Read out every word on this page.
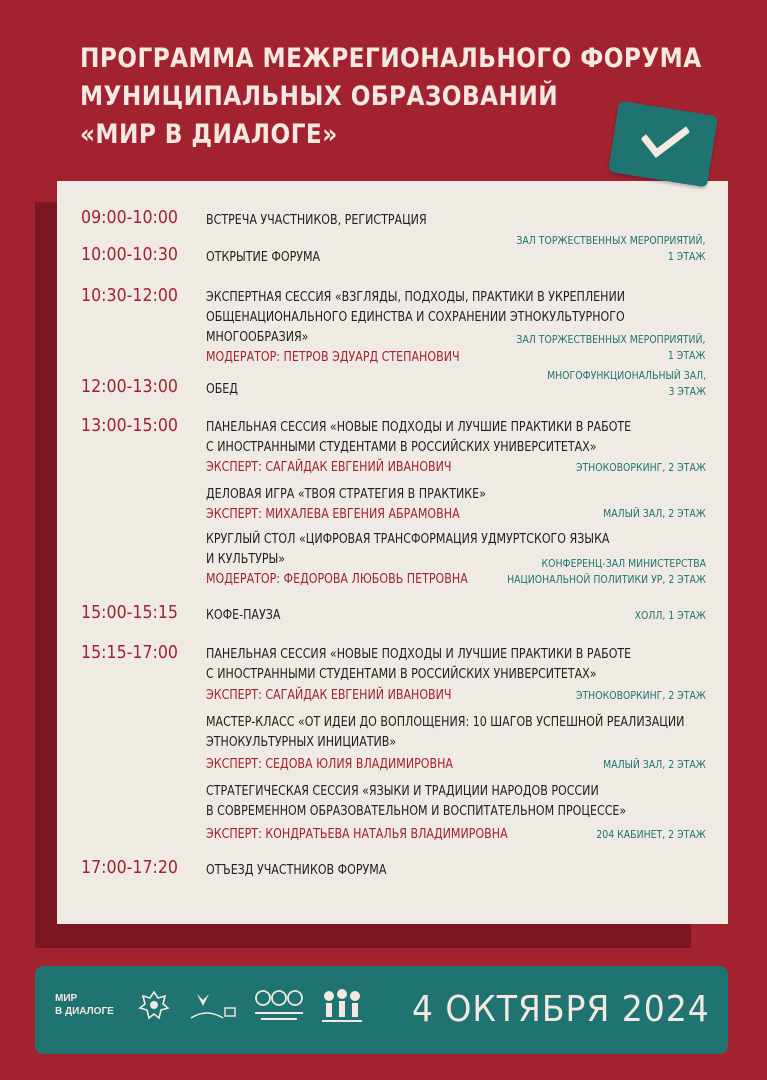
ПРОГРАММА МЕЖРЕГИОНАЛЬНОГО ФОРУМА
МУНИЦИПАЛЬНЫХ ОБРАЗОВАНИЙ
«МИР В ДИАЛОГЕ»
09:00-10:00 ВСТРЕЧА УЧАСТНИКОВ, РЕГИСТРАЦИЯ
10:00-10:30 ОТКРЫТИЕ ФОРУМА
ЗАЛ ТОРЖЕСТВЕННЫХ МЕРОПРИЯТИЙ,
1 ЭТАЖ
10:30-12:00 ЭКСПЕРТНАЯ СЕССИЯ «ВЗГЛЯДЫ, ПОДХОДЫ, ПРАКТИКИ В УКРЕПЛЕНИИ
ОБЩЕНАЦИОНАЛЬНОГО ЕДИНСТВА И СОХРАНЕНИИ ЭТНОКУЛЬТУРНОГО
МНОГООБРАЗИЯ»
МОДЕРАТОР: ПЕТРОВ ЭДУАРД СТЕПАНОВИЧ
ЗАЛ ТОРЖЕСТВЕННЫХ МЕРОПРИЯТИЙ,
1 ЭТАЖ
12:00-13:00 ОБЕД
МНОГОФУНКЦИОНАЛЬНЫЙ ЗАЛ,
3 ЭТАЖ
13:00-15:00 ПАНЕЛЬНАЯ СЕССИЯ «НОВЫЕ ПОДХОДЫ И ЛУЧШИЕ ПРАКТИКИ В РАБОТЕ
С ИНОСТРАННЫМИ СТУДЕНТАМИ В РОССИЙСКИХ УНИВЕРСИТЕТАХ»
ЭКСПЕРТ: САГАЙДАК ЕВГЕНИЙ ИВАНОВИЧ	ЭТНОКОВОРКИНГ, 2 ЭТАЖ
ДЕЛОВАЯ ИГРА «ТВОЯ СТРАТЕГИЯ В ПРАКТИКЕ»
ЭКСПЕРТ: МИХАЛЕВА ЕВГЕНИЯ АБРАМОВНА	МАЛЫЙ ЗАЛ, 2 ЭТАЖ
КРУГЛЫЙ СТОЛ «ЦИФРОВАЯ ТРАНСФОРМАЦИЯ УДМУРТСКОГО ЯЗЫКА
И КУЛЬТУРЫ»
МОДЕРАТОР: ФЕДОРОВА ЛЮБОВЬ ПЕТРОВНА
КОНФЕРЕНЦ-ЗАЛ МИНИСТЕРСТВА
НАЦИОНАЛЬНОЙ ПОЛИТИКИ УР, 2 ЭТАЖ
15:00-15:15 КОФЕ-ПАУЗА	ХОЛЛ, 1 ЭТАЖ
15:15-17:00 ПАНЕЛЬНАЯ СЕССИЯ «НОВЫЕ ПОДХОДЫ И ЛУЧШИЕ ПРАКТИКИ В РАБОТЕ
С ИНОСТРАННЫМИ СТУДЕНТАМИ В РОССИЙСКИХ УНИВЕРСИТЕТАХ»
ЭКСПЕРТ: САГАЙДАК ЕВГЕНИЙ ИВАНОВИЧ	ЭТНОКОВОРКИНГ, 2 ЭТАЖ
МАСТЕР-КЛАСС «ОТ ИДЕИ ДО ВОПЛОЩЕНИЯ: 10 ШАГОВ УСПЕШНОЙ РЕАЛИЗАЦИИ
ЭТНОКУЛЬТУРНЫХ ИНИЦИАТИВ»
ЭКСПЕРТ: СЕДОВА ЮЛИЯ ВЛАДИМИРОВНА	МАЛЫЙ ЗАЛ, 2 ЭТАЖ
СТРАТЕГИЧЕСКАЯ СЕССИЯ «ЯЗЫКИ И ТРАДИЦИИ НАРОДОВ РОССИИ
В СОВРЕМЕННОМ ОБРАЗОВАТЕЛЬНОМ И ВОСПИТАТЕЛЬНОМ ПРОЦЕССЕ»
ЭКСПЕРТ: КОНДРАТЬЕВА НАТАЛЬЯ ВЛАДИМИРОВНА	204 КАБИНЕТ, 2 ЭТАЖ
17:00-17:20 ОТЪЕЗД УЧАСТНИКОВ ФОРУМА
МИР
В ДИАЛОГЕ	4 ОКТЯБРЯ 2024
